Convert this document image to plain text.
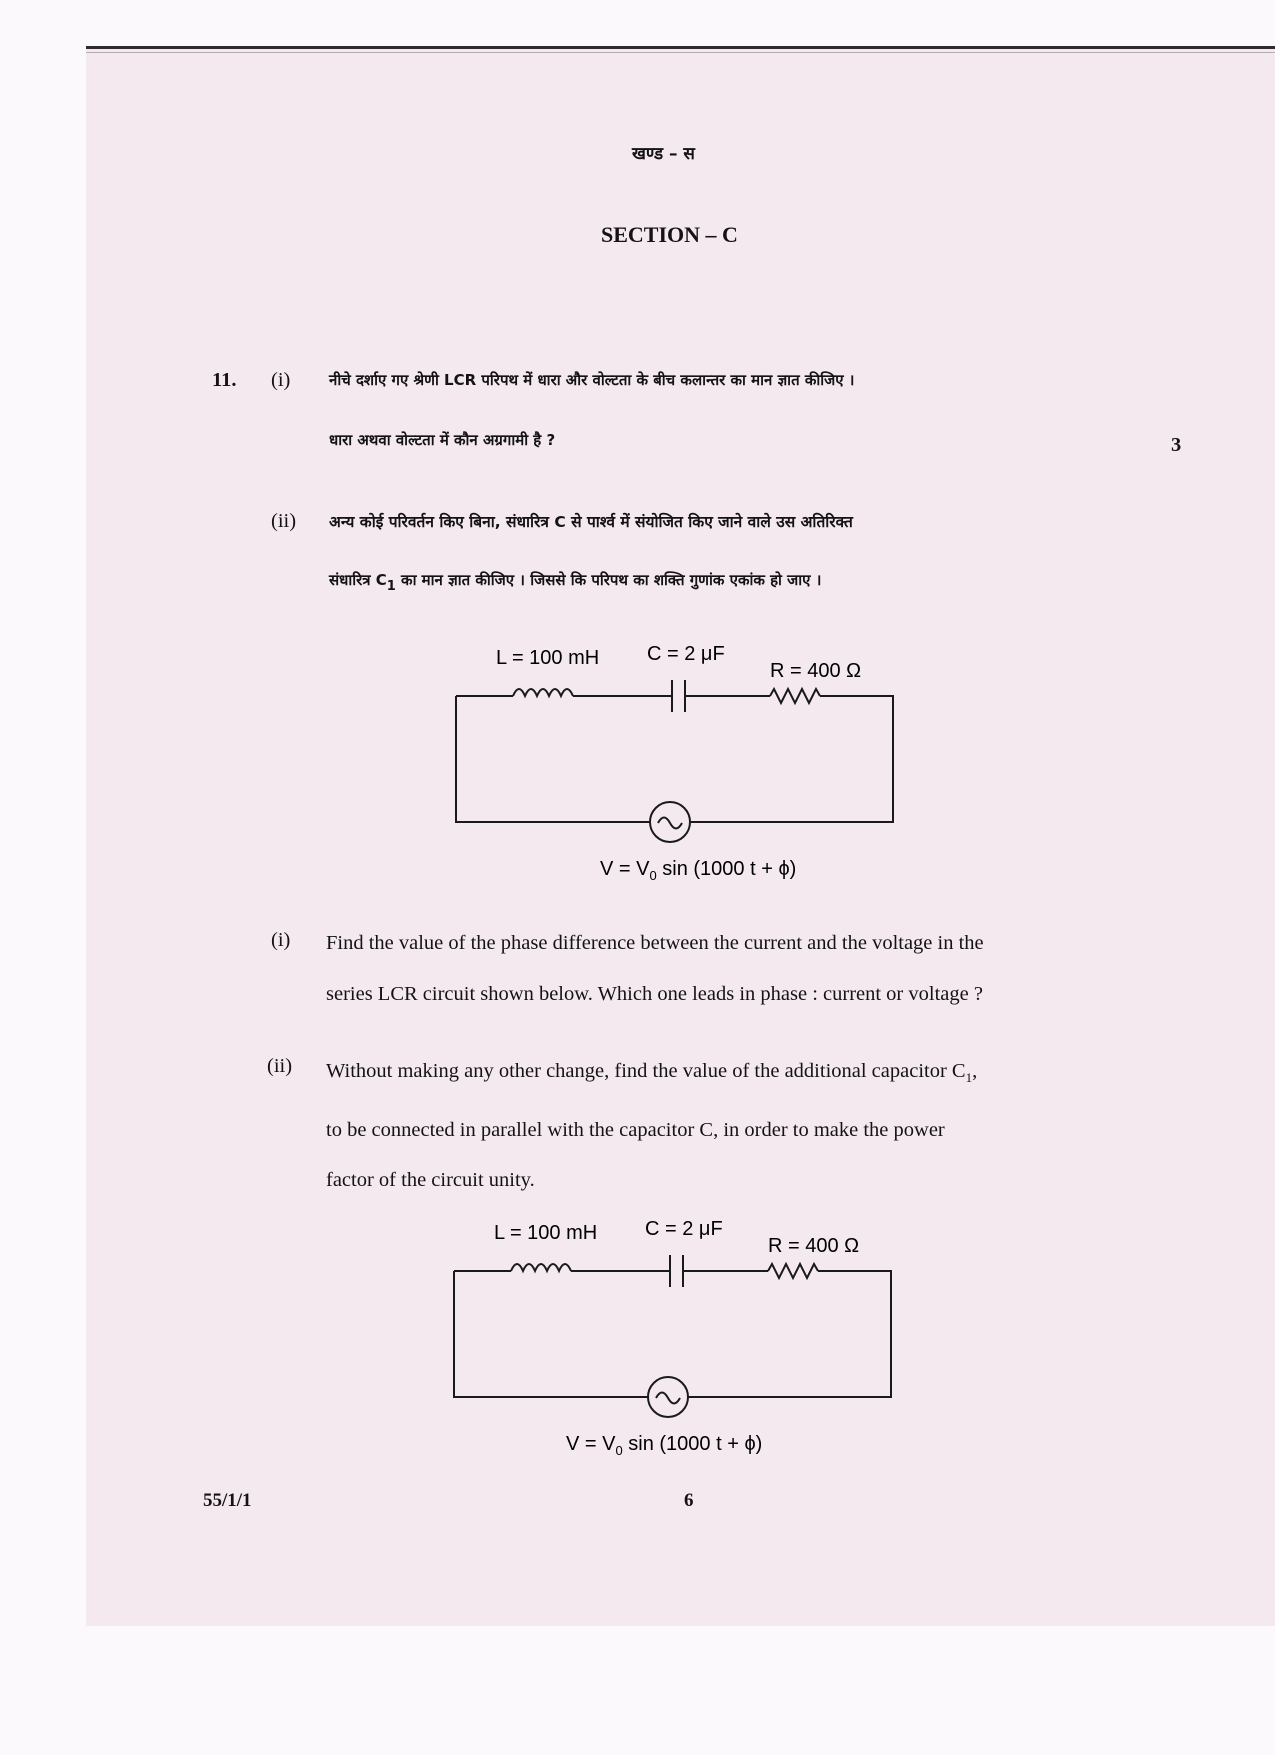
खण्ड – स
SECTION – C
11.
3
(i)	नीचे दर्शाए गए श्रेणी LCR परिपथ में धारा और वोल्टता के बीच कलान्तर का मान ज्ञात कीजिए ।
धारा अथवा वोल्टता में कौन अग्रगामी है ?
(ii) अन्य कोई परिवर्तन किए बिना, संधारित्र C से पार्श्व में संयोजित किए जाने वाले उस अतिरिक्त
संधारित्र C1 का मान ज्ञात कीजिए । जिससे कि परिपथ का शक्ति गुणांक एकांक हो जाए ।
L = 100 mH C = 2 μF
R = 400 Ω
$V = V_0$ sin (1000 t + ϕ)
(i) Find the value of the phase difference between the current and the voltage in the
series LCR circuit shown below. Which one leads in phase : current or voltage ?
(ii) Without making any other change, find the value of the additional capacitor $C_1$,
to be connected in parallel with the capacitor C, in order to make the power
factor of the circuit unity.
L = 100 mH C = 2 μF
R = 400 Ω
$V = V_0$ sin (1000 t + ϕ)
55/1/1	6
